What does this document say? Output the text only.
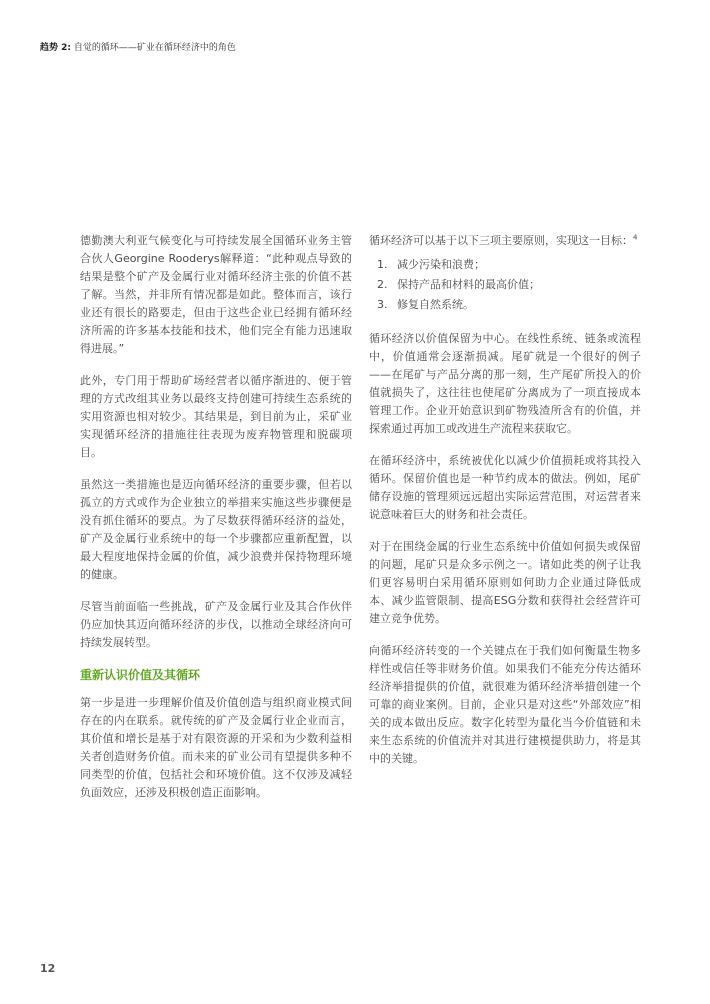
趋势 2: 自觉的循环——矿业在循环经济中的角色

德勤澳大利亚气候变化与可持续发展全国循环业务主管合伙人Georgine Rooderys解释道：“此种观点导致的结果是整个矿产及金属行业对循环经济主张的价值不甚了解。当然，并非所有情况都是如此。整体而言，该行业还有很长的路要走，但由于这些企业已经拥有循环经济所需的许多基本技能和技术，他们完全有能力迅速取得进展。”

此外，专门用于帮助矿场经营者以循序渐进的、便于管理的方式改组其业务以最终支持创建可持续生态系统的实用资源也相对较少。其结果是，到目前为止，采矿业实现循环经济的措施往往表现为废弃物管理和脱碳项目。

虽然这一类措施也是迈向循环经济的重要步骤，但若以孤立的方式或作为企业独立的举措来实施这些步骤便是没有抓住循环的要点。为了尽数获得循环经济的益处，矿产及金属行业系统中的每一个步骤都应重新配置，以最大程度地保持金属的价值，减少浪费并保持物理环境的健康。

尽管当前面临一些挑战，矿产及金属行业及其合作伙伴仍应加快其迈向循环经济的步伐，以推动全球经济向可持续发展转型。

重新认识价值及其循环

第一步是进一步理解价值及价值创造与组织商业模式间存在的内在联系。就传统的矿产及金属行业企业而言，其价值和增长是基于对有限资源的开采和为少数利益相关者创造财务价值。而未来的矿业公司有望提供多种不同类型的价值，包括社会和环境价值。这不仅涉及减轻负面效应，还涉及积极创造正面影响。

循环经济可以基于以下三项主要原则，实现这一目标：$^4$

1. 减少污染和浪费；
2. 保持产品和材料的最高价值；
3. 修复自然系统。

循环经济以价值保留为中心。在线性系统、链条或流程中，价值通常会逐渐损减。尾矿就是一个很好的例子——在尾矿与产品分离的那一刻，生产尾矿所投入的价值就损失了，这往往也使尾矿分离成为了一项直接成本管理工作。企业开始意识到矿物残渣所含有的价值，并探索通过再加工或改进生产流程来获取它。

在循环经济中，系统被优化以减少价值损耗或将其投入循环。保留价值也是一种节约成本的做法。例如，尾矿储存设施的管理须远远超出实际运营范围，对运营者来说意味着巨大的财务和社会责任。

对于在围绕金属的行业生态系统中价值如何损失或保留的问题，尾矿只是众多示例之一。诸如此类的例子让我们更容易明白采用循环原则如何助力企业通过降低成本、减少监管限制、提高ESG分数和获得社会经营许可建立竞争优势。

向循环经济转变的一个关键点在于我们如何衡量生物多样性或信任等非财务价值。如果我们不能充分传达循环经济举措提供的价值，就很难为循环经济举措创建一个可靠的商业案例。目前，企业只是对这些“外部效应”相关的成本做出反应。数字化转型为量化当今价值链和未来生态系统的价值流并对其进行建模提供助力，将是其中的关键。

12
